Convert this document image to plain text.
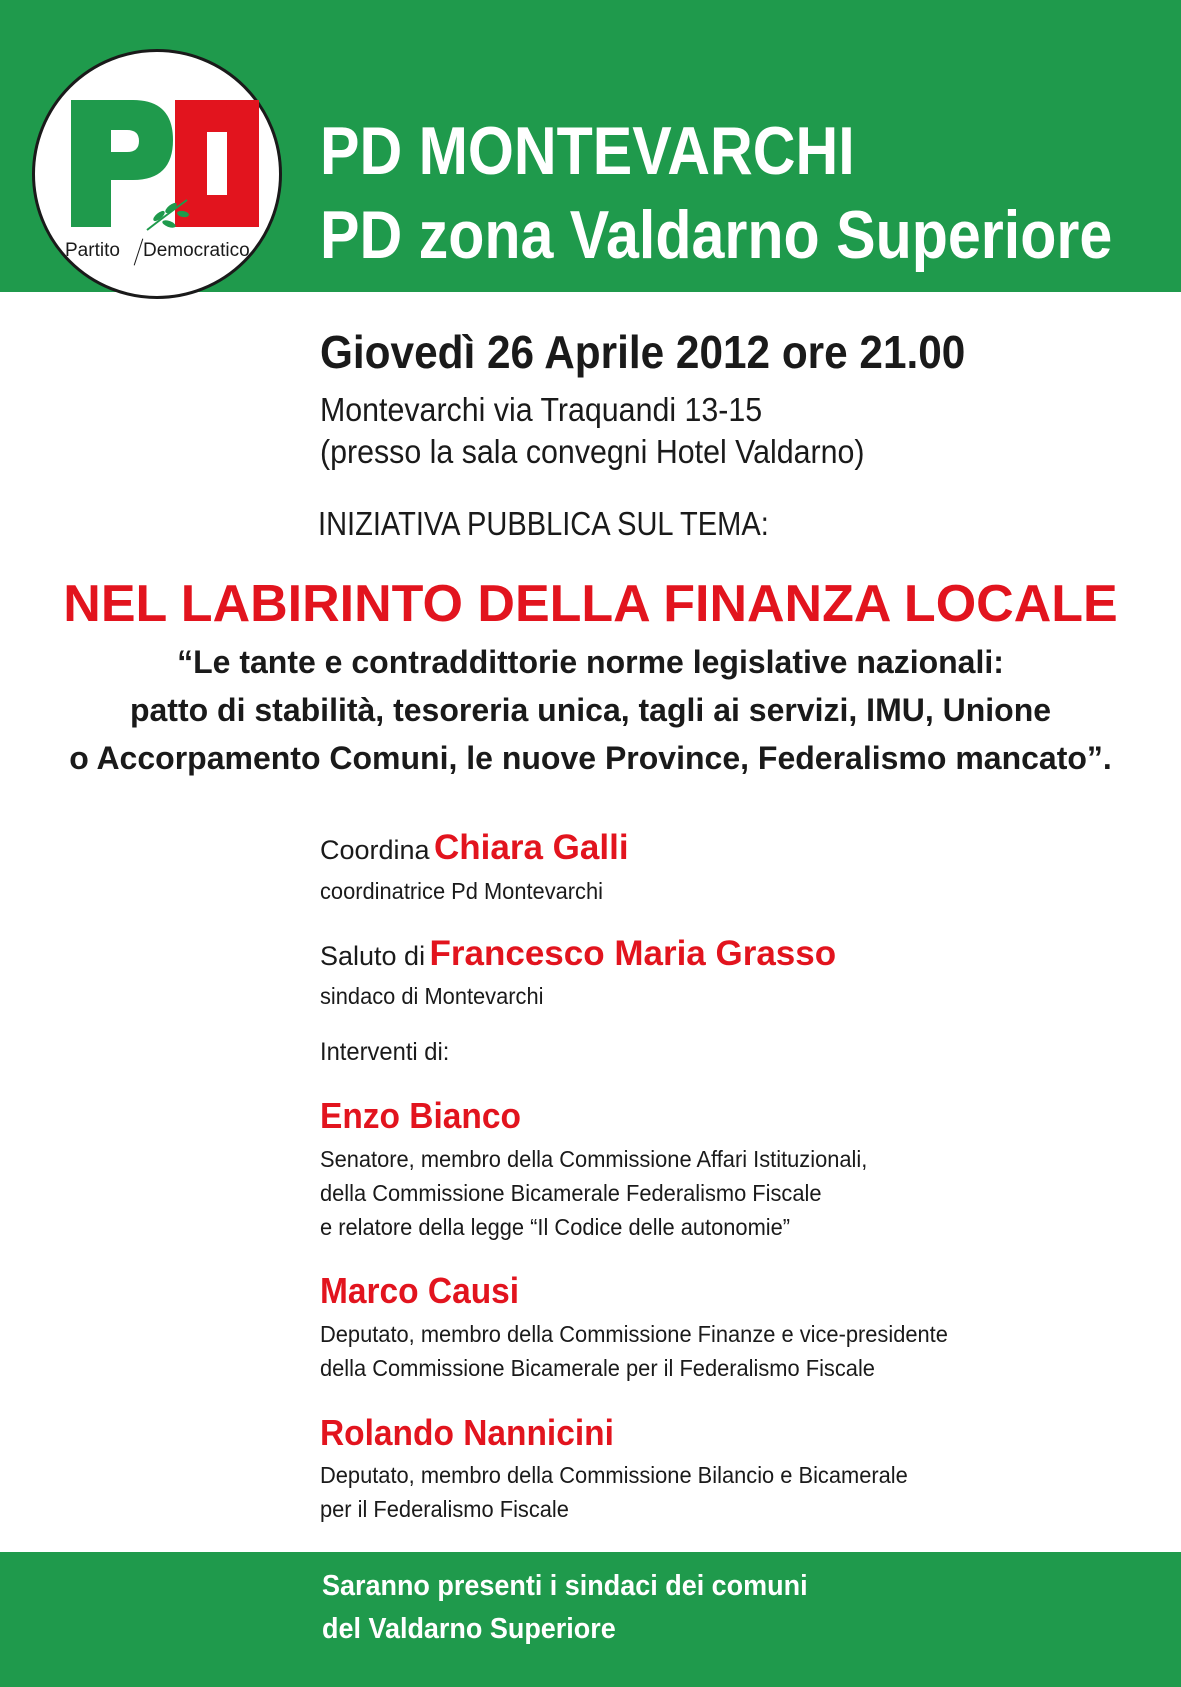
Partito Democratico
PD MONTEVARCHI
PD zona Valdarno Superiore
Giovedì 26 Aprile 2012 ore 21.00
Montevarchi via Traquandi 13-15
(presso la sala convegni Hotel Valdarno)
INIZIATIVA PUBBLICA SUL TEMA:
NEL LABIRINTO DELLA FINANZA LOCALE
“Le tante e contraddittorie norme legislative nazionali:
patto di stabilità, tesoreria unica, tagli ai servizi, IMU, Unione
o Accorpamento Comuni, le nuove Province, Federalismo mancato”.
Coordina Chiara Galli
coordinatrice Pd Montevarchi
Saluto di Francesco Maria Grasso
sindaco di Montevarchi
Interventi di:
Enzo Bianco
Senatore, membro della Commissione Affari Istituzionali,
della Commissione Bicamerale Federalismo Fiscale
e relatore della legge “Il Codice delle autonomie”
Marco Causi
Deputato, membro della Commissione Finanze e vice-presidente
della Commissione Bicamerale per il Federalismo Fiscale
Rolando Nannicini
Deputato, membro della Commissione Bilancio e Bicamerale
per il Federalismo Fiscale
Saranno presenti i sindaci dei comuni
del Valdarno Superiore
